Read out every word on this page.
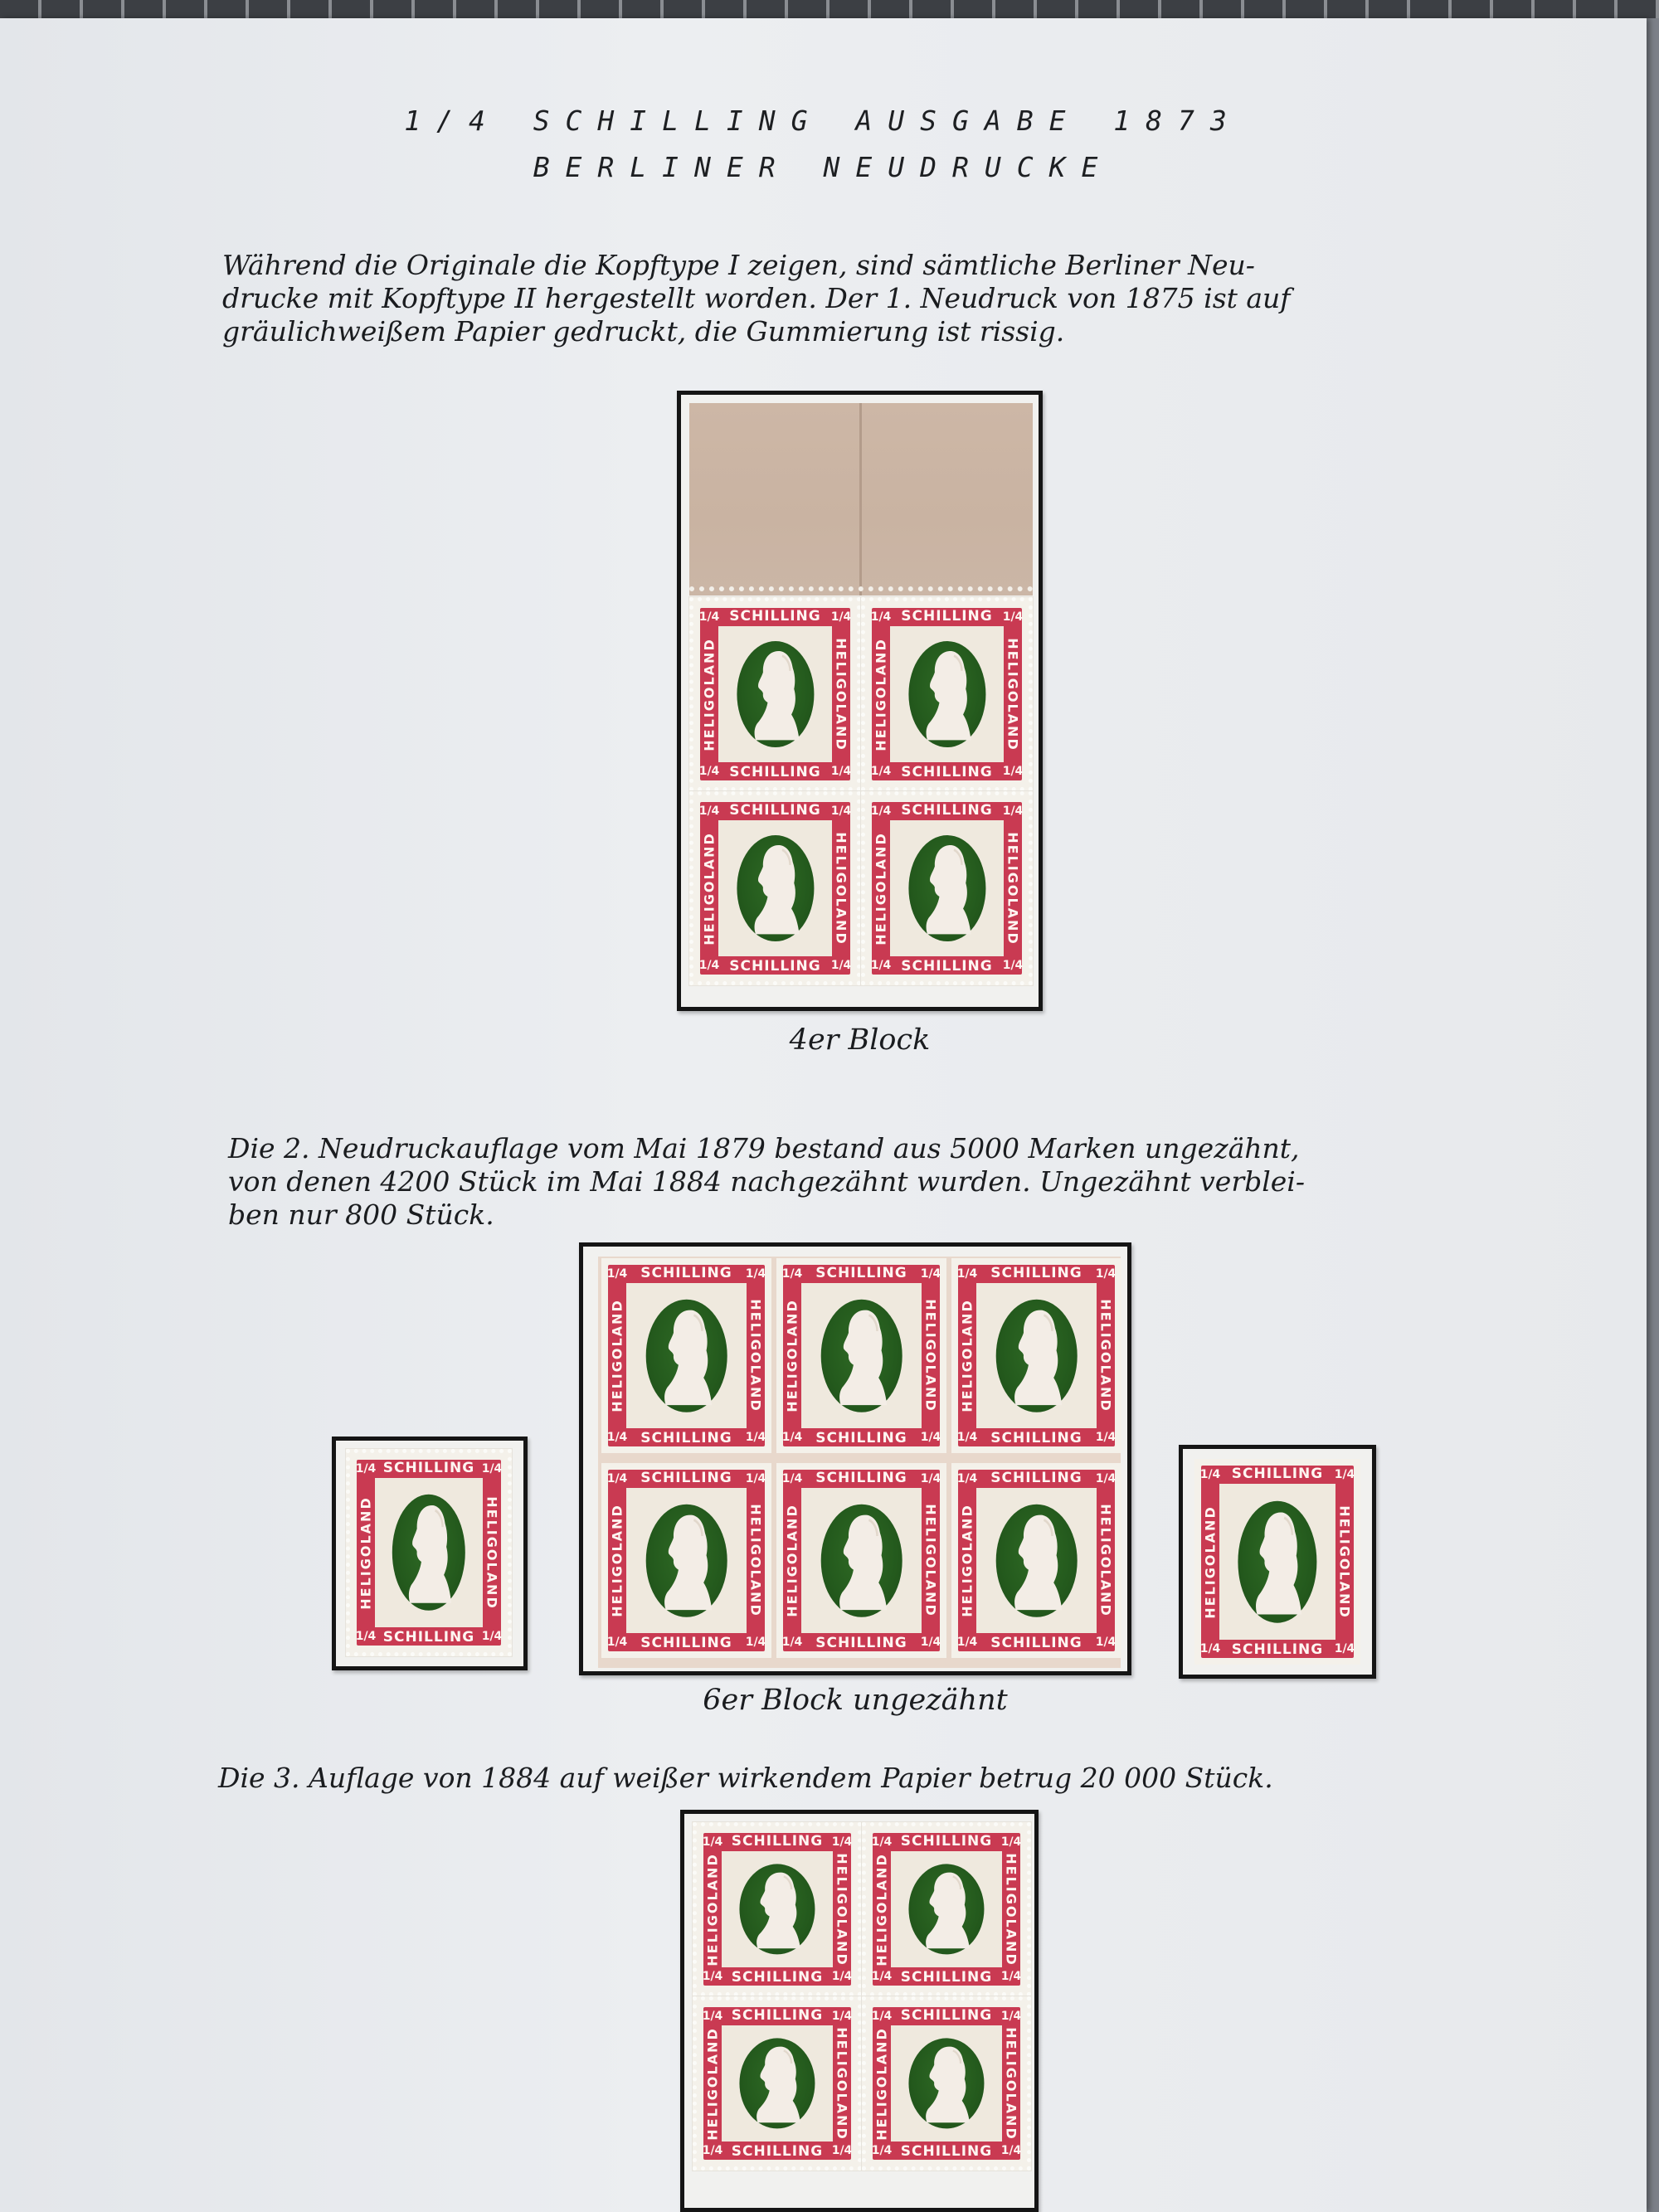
1/4 SCHILLING AUSGABE 1873
BERLINER NEUDRUCKE

Während die Originale die Kopftype I zeigen, sind sämtliche Berliner Neu-
drucke mit Kopftype II hergestellt worden. Der 1. Neudruck von 1875 ist auf
gräulichweißem Papier gedruckt, die Gummierung ist rissig.

SCHILLING
SCHILLING
HELIGOLAND	HELIGOLAND
1/4	1/4
1/4	1/4
SCHILLING
SCHILLING
HELIGOLAND	HELIGOLAND
1/4	1/4
1/4	1/4
SCHILLING
SCHILLING
HELIGOLAND	HELIGOLAND
1/4	1/4
1/4	1/4
SCHILLING
SCHILLING
HELIGOLAND	HELIGOLAND
1/4	1/4
1/4	1/4
4er Block

Die 2. Neudruckauflage vom Mai 1879 bestand aus 5000 Marken ungezähnt,
von denen 4200 Stück im Mai 1884 nachgezähnt wurden. Ungezähnt verblei-
ben nur 800 Stück.

SCHILLING
SCHILLING
HELIGOLAND	HELIGOLAND
1/4	1/4
1/4	1/4
SCHILLING
SCHILLING
HELIGOLAND	HELIGOLAND
1/4	1/4
1/4	1/4
SCHILLING
SCHILLING
HELIGOLAND	HELIGOLAND
1/4	1/4
1/4	1/4
SCHILLING
SCHILLING
HELIGOLAND	HELIGOLAND
1/4	1/4
1/4	1/4
SCHILLING
SCHILLING
HELIGOLAND	HELIGOLAND
1/4	1/4
1/4	1/4
SCHILLING
SCHILLING
HELIGOLAND	HELIGOLAND
1/4	1/4
1/4	1/4
SCHILLING
SCHILLING
HELIGOLAND	HELIGOLAND
1/4	1/4
1/4	1/4
SCHILLING
SCHILLING
HELIGOLAND	HELIGOLAND
1/4	1/4
1/4	1/4
6er Block ungezähnt

Die 3. Auflage von 1884 auf weißer wirkendem Papier betrug 20 000 Stück.

SCHILLING
SCHILLING
HELIGOLAND	HELIGOLAND
1/4	1/4
1/4	1/4
SCHILLING
SCHILLING
HELIGOLAND	HELIGOLAND
1/4	1/4
1/4	1/4
SCHILLING
SCHILLING
HELIGOLAND	HELIGOLAND
1/4	1/4
1/4	1/4
SCHILLING
SCHILLING
HELIGOLAND	HELIGOLAND
1/4	1/4
1/4	1/4
